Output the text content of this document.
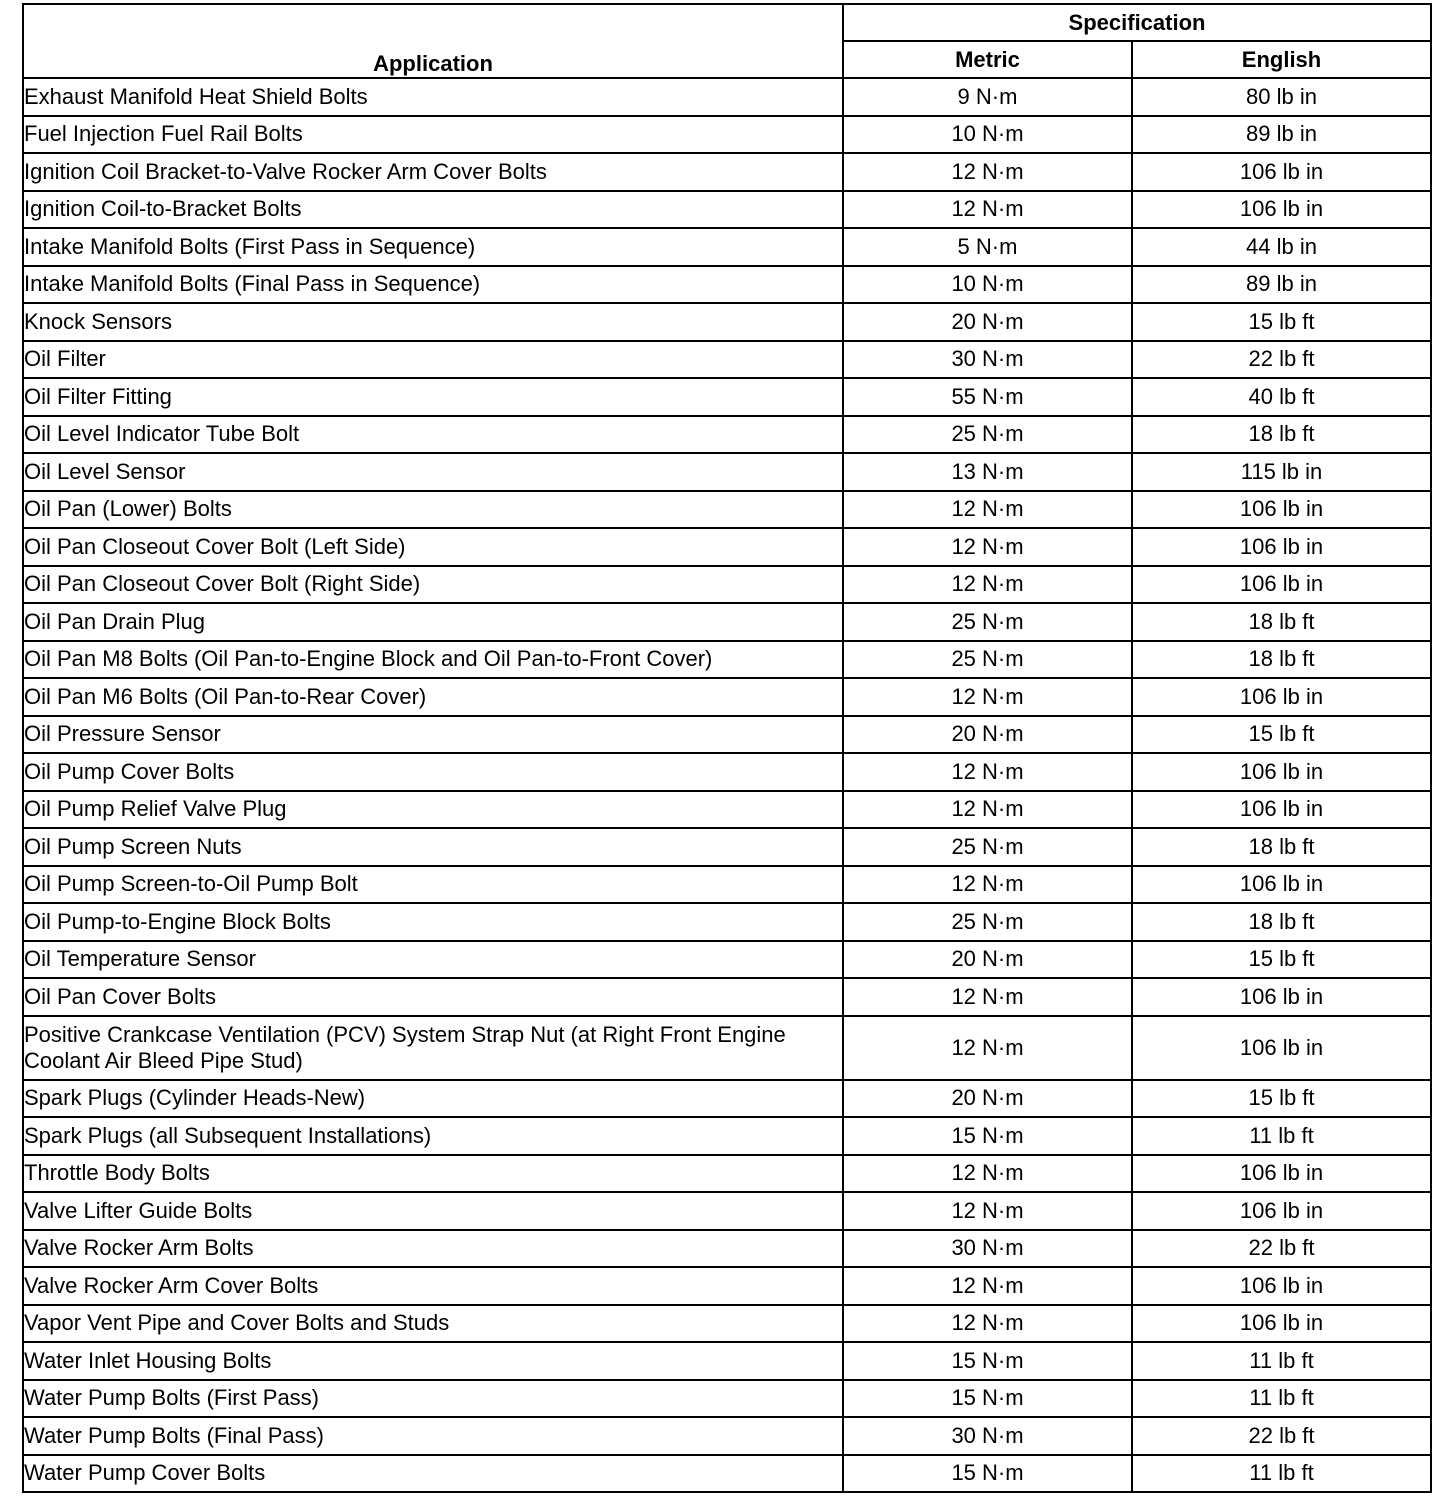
Application	Specification	
	Metric	English
Exhaust Manifold Heat Shield Bolts	9 N·m	80 lb in
Fuel Injection Fuel Rail Bolts	10 N·m	89 lb in
Ignition Coil Bracket-to-Valve Rocker Arm Cover Bolts	12 N·m	106 lb in
Ignition Coil-to-Bracket Bolts	12 N·m	106 lb in
Intake Manifold Bolts (First Pass in Sequence)	5 N·m	44 lb in
Intake Manifold Bolts (Final Pass in Sequence)	10 N·m	89 lb in
Knock Sensors	20 N·m	15 lb ft
Oil Filter	30 N·m	22 lb ft
Oil Filter Fitting	55 N·m	40 lb ft
Oil Level Indicator Tube Bolt	25 N·m	18 lb ft
Oil Level Sensor	13 N·m	115 lb in
Oil Pan (Lower) Bolts	12 N·m	106 lb in
Oil Pan Closeout Cover Bolt (Left Side)	12 N·m	106 lb in
Oil Pan Closeout Cover Bolt (Right Side)	12 N·m	106 lb in
Oil Pan Drain Plug	25 N·m	18 lb ft
Oil Pan M8 Bolts (Oil Pan-to-Engine Block and Oil Pan-to-Front Cover)	25 N·m	18 lb ft
Oil Pan M6 Bolts (Oil Pan-to-Rear Cover)	12 N·m	106 lb in
Oil Pressure Sensor	20 N·m	15 lb ft
Oil Pump Cover Bolts	12 N·m	106 lb in
Oil Pump Relief Valve Plug	12 N·m	106 lb in
Oil Pump Screen Nuts	25 N·m	18 lb ft
Oil Pump Screen-to-Oil Pump Bolt	12 N·m	106 lb in
Oil Pump-to-Engine Block Bolts	25 N·m	18 lb ft
Oil Temperature Sensor	20 N·m	15 lb ft
Oil Pan Cover Bolts	12 N·m	106 lb in
Positive Crankcase Ventilation (PCV) System Strap Nut (at Right Front Engine Coolant Air Bleed Pipe Stud)	12 N·m	106 lb in
Spark Plugs (Cylinder Heads-New)	20 N·m	15 lb ft
Spark Plugs (all Subsequent Installations)	15 N·m	11 lb ft
Throttle Body Bolts	12 N·m	106 lb in
Valve Lifter Guide Bolts	12 N·m	106 lb in
Valve Rocker Arm Bolts	30 N·m	22 lb ft
Valve Rocker Arm Cover Bolts	12 N·m	106 lb in
Vapor Vent Pipe and Cover Bolts and Studs	12 N·m	106 lb in
Water Inlet Housing Bolts	15 N·m	11 lb ft
Water Pump Bolts (First Pass)	15 N·m	11 lb ft
Water Pump Bolts (Final Pass)	30 N·m	22 lb ft
Water Pump Cover Bolts	15 N·m	11 lb ft
